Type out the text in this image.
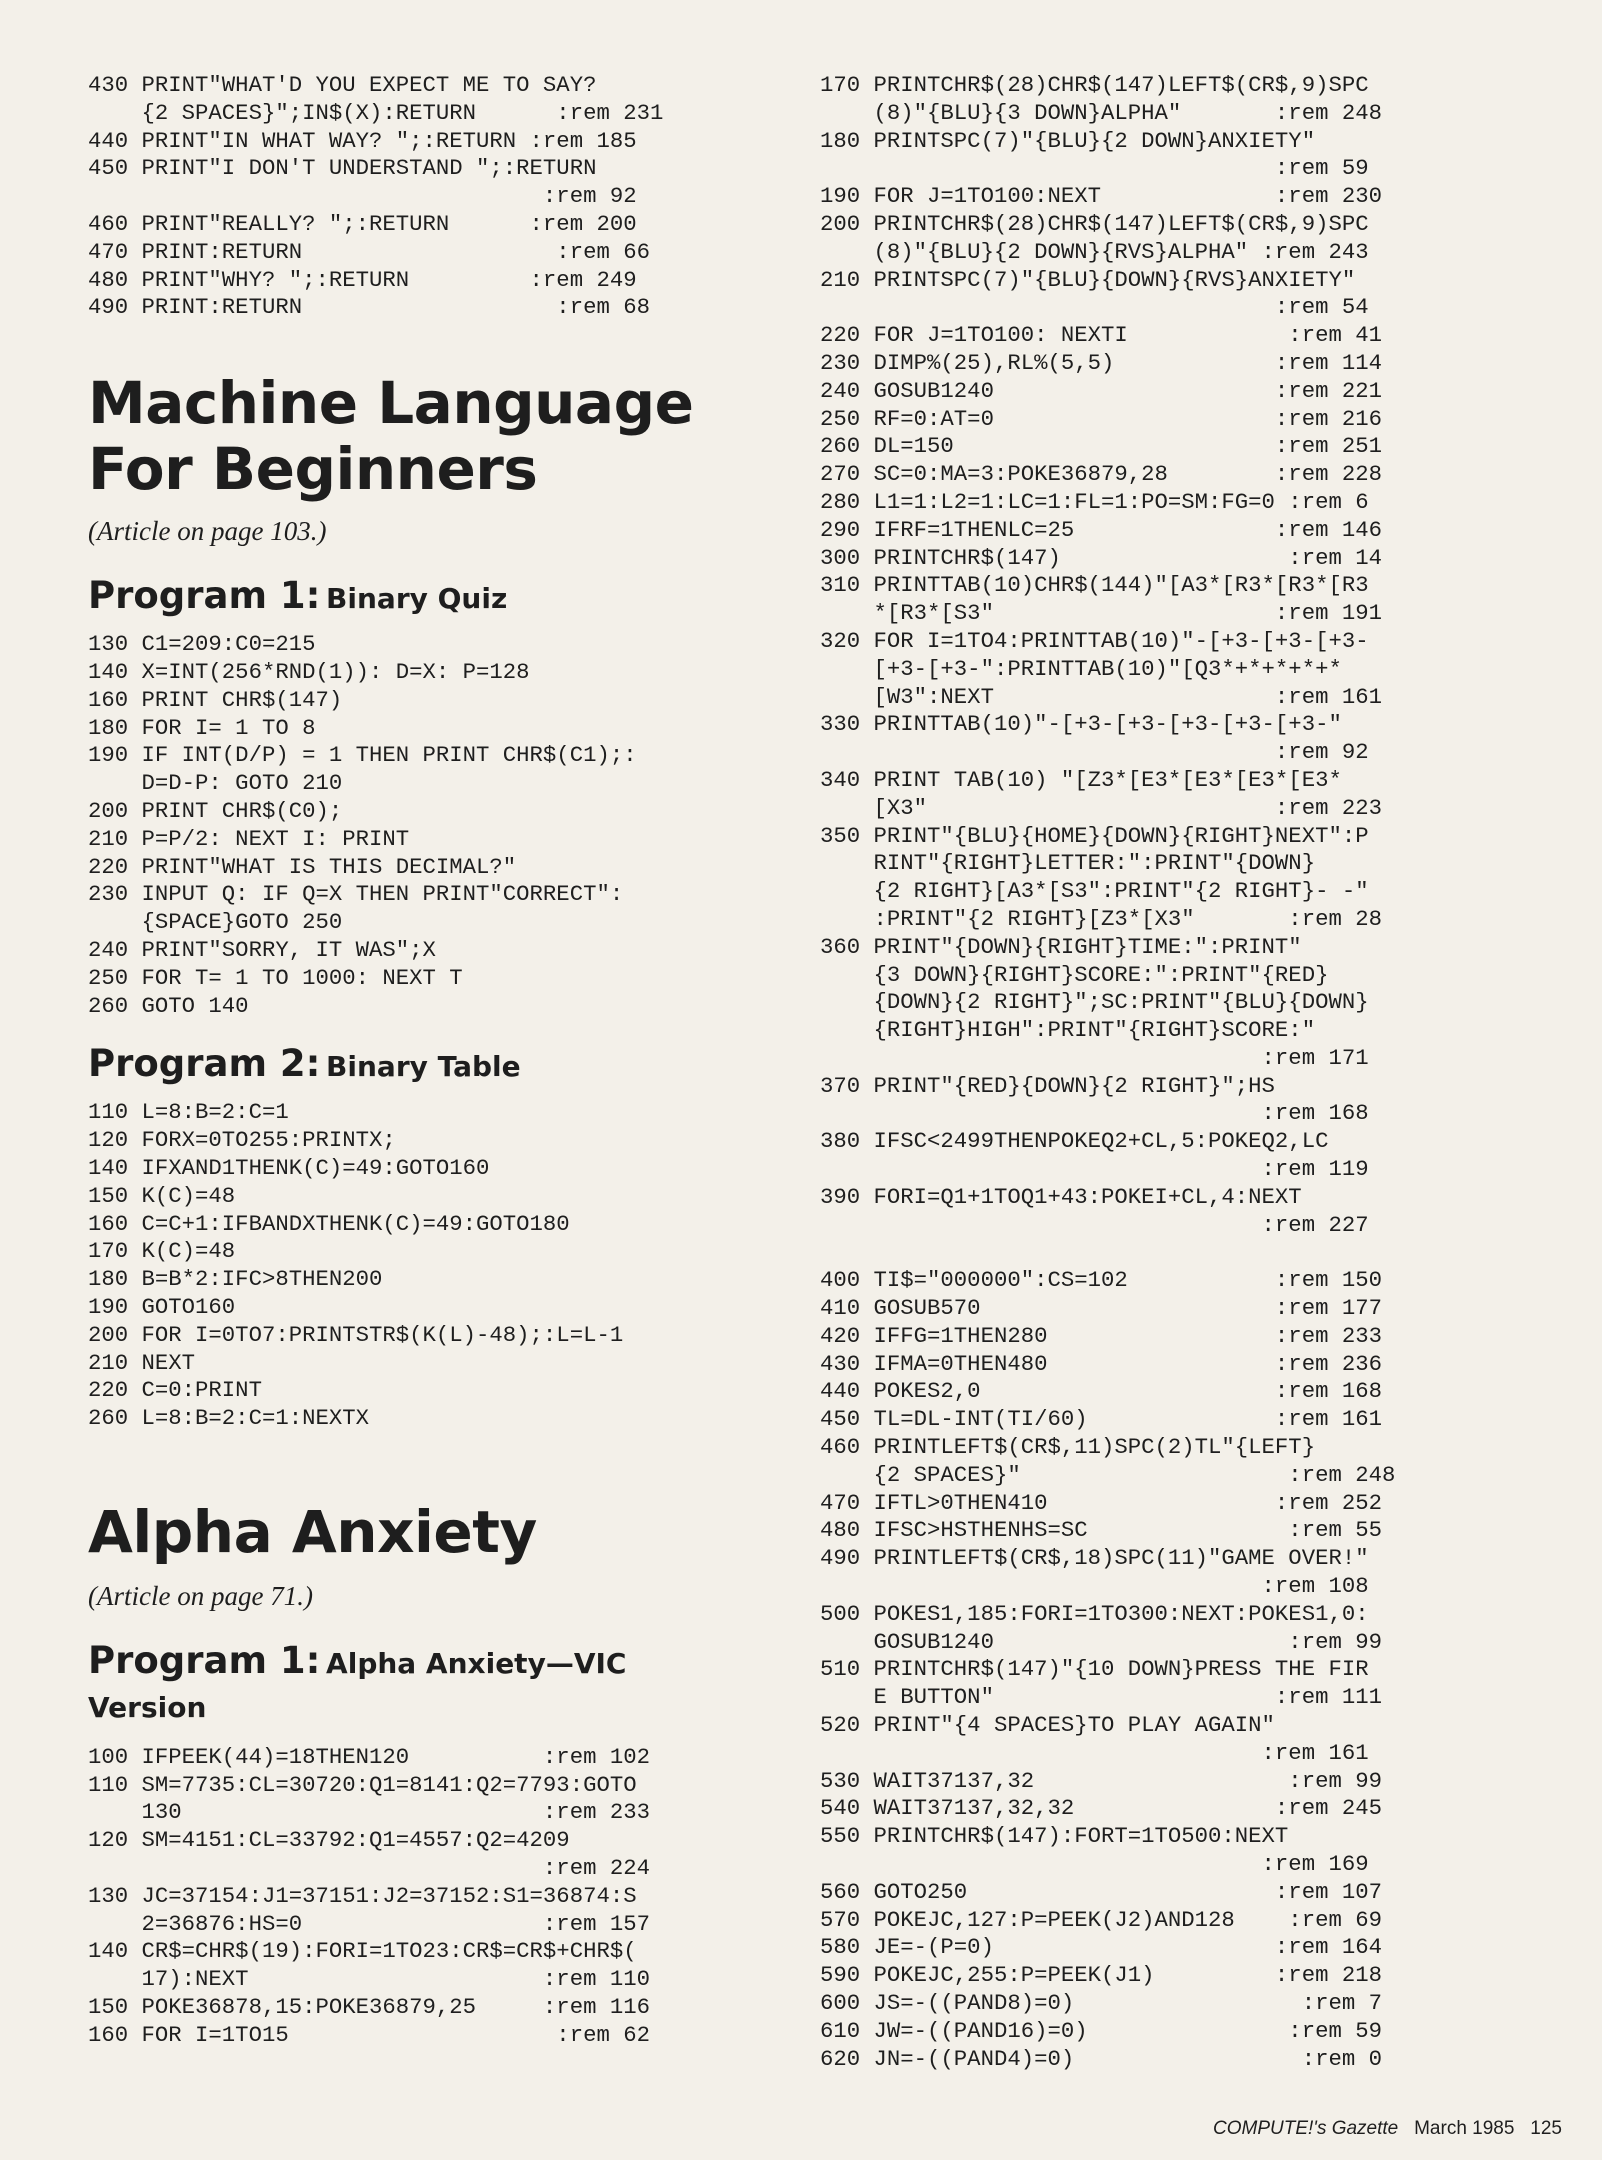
430 PRINT"WHAT'D YOU EXPECT ME TO SAY?
{2 SPACES}";IN$(X):RETURN      :rem 231
440 PRINT"IN WHAT WAY? ";:RETURN :rem 185
450 PRINT"I DON'T UNDERSTAND ";:RETURN
:rem 92
460 PRINT"REALLY? ";:RETURN      :rem 200
470 PRINT:RETURN                   :rem 66
480 PRINT"WHY? ";:RETURN         :rem 249
490 PRINT:RETURN                   :rem 68
Machine Language
For Beginners

(Article on page 103.)

Program 1: Binary Quiz

130 C1=209:C0=215
140 X=INT(256*RND(1)): D=X: P=128
160 PRINT CHR$(147)
180 FOR I= 1 TO 8
190 IF INT(D/P) = 1 THEN PRINT CHR$(C1);:
D=D-P: GOTO 210
200 PRINT CHR$(C0);
210 P=P/2: NEXT I: PRINT
220 PRINT"WHAT IS THIS DECIMAL?"
230 INPUT Q: IF Q=X THEN PRINT"CORRECT":
{SPACE}GOTO 250
240 PRINT"SORRY, IT WAS";X
250 FOR T= 1 TO 1000: NEXT T
260 GOTO 140

Program 2: Binary Table

110 L=8:B=2:C=1
120 FORX=0TO255:PRINTX;
140 IFXAND1THENK(C)=49:GOTO160
150 K(C)=48
160 C=C+1:IFBANDXTHENK(C)=49:GOTO180
170 K(C)=48
180 B=B*2:IFC>8THEN200
190 GOTO160
200 FOR I=0TO7:PRINTSTR$(K(L)-48);:L=L-1
210 NEXT
220 C=0:PRINT
260 L=8:B=2:C=1:NEXTX
Alpha Anxiety

(Article on page 71.)

Program 1: Alpha Anxiety—VIC Version

100 IFPEEK(44)=18THEN120          :rem 102
110 SM=7735:CL=30720:Q1=8141:Q2=7793:GOTO
130                           :rem 233
120 SM=4151:CL=33792:Q1=4557:Q2=4209
:rem 224
130 JC=37154:J1=37151:J2=37152:S1=36874:S
2=36876:HS=0                  :rem 157
140 CR$=CHR$(19):FORI=1TO23:CR$=CR$+CHR$(
17):NEXT                      :rem 110
150 POKE36878,15:POKE36879,25     :rem 116
160 FOR I=1TO15                    :rem 62
170 PRINTCHR$(28)CHR$(147)LEFT$(CR$,9)SPC
(8)"{BLU}{3 DOWN}ALPHA"       :rem 248
180 PRINTSPC(7)"{BLU}{2 DOWN}ANXIETY"
:rem 59
190 FOR J=1TO100:NEXT             :rem 230
200 PRINTCHR$(28)CHR$(147)LEFT$(CR$,9)SPC
(8)"{BLU}{2 DOWN}{RVS}ALPHA" :rem 243
210 PRINTSPC(7)"{BLU}{DOWN}{RVS}ANXIETY"
:rem 54
220 FOR J=1TO100: NEXTI            :rem 41
230 DIMP%(25),RL%(5,5)            :rem 114
240 GOSUB1240                     :rem 221
250 RF=0:AT=0                     :rem 216
260 DL=150                        :rem 251
270 SC=0:MA=3:POKE36879,28        :rem 228
280 L1=1:L2=1:LC=1:FL=1:PO=SM:FG=0 :rem 6
290 IFRF=1THENLC=25               :rem 146
300 PRINTCHR$(147)                 :rem 14
310 PRINTTAB(10)CHR$(144)"[A3*[R3*[R3*[R3
*[R3*[S3"                     :rem 191
320 FOR I=1TO4:PRINTTAB(10)"-[+3-[+3-[+3-
[+3-[+3-":PRINTTAB(10)"[Q3*+*+*+*+*
[W3":NEXT                     :rem 161
330 PRINTTAB(10)"-[+3-[+3-[+3-[+3-[+3-"
:rem 92
340 PRINT TAB(10) "[Z3*[E3*[E3*[E3*[E3*
[X3"                          :rem 223
350 PRINT"{BLU}{HOME}{DOWN}{RIGHT}NEXT":P
RINT"{RIGHT}LETTER:":PRINT"{DOWN}
{2 RIGHT}[A3*[S3":PRINT"{2 RIGHT}- -"
:PRINT"{2 RIGHT}[Z3*[X3"       :rem 28
360 PRINT"{DOWN}{RIGHT}TIME:":PRINT"
{3 DOWN}{RIGHT}SCORE:":PRINT"{RED}
{DOWN}{2 RIGHT}";SC:PRINT"{BLU}{DOWN}
{RIGHT}HIGH":PRINT"{RIGHT}SCORE:"
:rem 171
370 PRINT"{RED}{DOWN}{2 RIGHT}";HS
:rem 168
380 IFSC<2499THENPOKEQ2+CL,5:POKEQ2,LC
:rem 119
390 FORI=Q1+1TOQ1+43:POKEI+CL,4:NEXT
:rem 227
400 TI$="000000":CS=102           :rem 150
410 GOSUB570                      :rem 177
420 IFFG=1THEN280                 :rem 233
430 IFMA=0THEN480                 :rem 236
440 POKES2,0                      :rem 168
450 TL=DL-INT(TI/60)              :rem 161
460 PRINTLEFT$(CR$,11)SPC(2)TL"{LEFT}
{2 SPACES}"                    :rem 248
470 IFTL>0THEN410                 :rem 252
480 IFSC>HSTHENHS=SC               :rem 55
490 PRINTLEFT$(CR$,18)SPC(11)"GAME OVER!"
:rem 108
500 POKES1,185:FORI=1TO300:NEXT:POKES1,0:
GOSUB1240                      :rem 99
510 PRINTCHR$(147)"{10 DOWN}PRESS THE FIR
E BUTTON"                     :rem 111
520 PRINT"{4 SPACES}TO PLAY AGAIN"
:rem 161
530 WAIT37137,32                   :rem 99
540 WAIT37137,32,32               :rem 245
550 PRINTCHR$(147):FORT=1TO500:NEXT
:rem 169
560 GOTO250                       :rem 107
570 POKEJC,127:P=PEEK(J2)AND128    :rem 69
580 JE=-(P=0)                     :rem 164
590 POKEJC,255:P=PEEK(J1)         :rem 218
600 JS=-((PAND8)=0)                 :rem 7
610 JW=-((PAND16)=0)               :rem 59
620 JN=-((PAND4)=0)                 :rem 0
COMPUTE!'s Gazette March 1985 125
